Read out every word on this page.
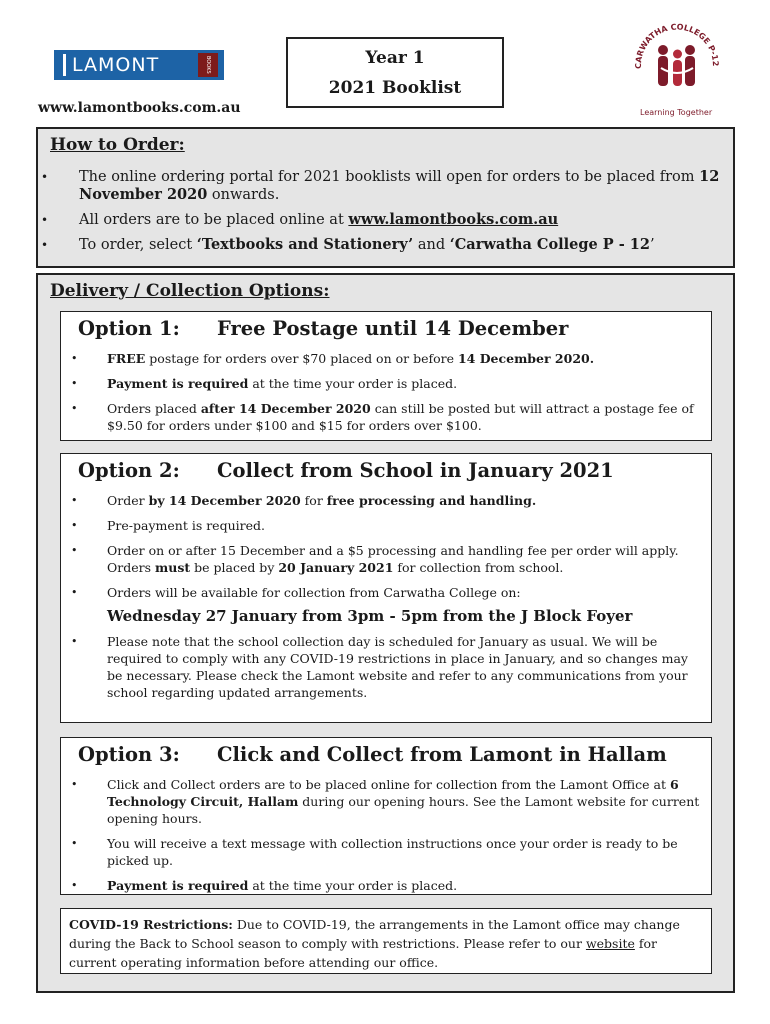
LAMONT	BOOKS
www.lamontbooks.com.au
Year 1
2021 Booklist
CARWATHA COLLEGE P-12
Learning Together
How to Order:
• The online ordering portal for 2021 booklists will open for orders to be placed from 12 November 2020 onwards.
• All orders are to be placed online at www.lamontbooks.com.au
• To order, select ‘Textbooks and Stationery’ and ‘Carwatha College P - 12’
Delivery / Collection Options:
Option 1: Free Postage until 14 December
• FREE postage for orders over $70 placed on or before 14 December 2020.
• Payment is required at the time your order is placed.
• Orders placed after 14 December 2020 can still be posted but will attract a postage fee of $9.50 for orders under $100 and $15 for orders over $100.
Option 2: Collect from School in January 2021
• Order by 14 December 2020 for free processing and handling.
• Pre-payment is required.
• Order on or after 15 December and a $5 processing and handling fee per order will apply. Orders must be placed by 20 January 2021 for collection from school.
• Orders will be available for collection from Carwatha College on:
Wednesday 27 January from 3pm - 5pm from the J Block Foyer
• Please note that the school collection day is scheduled for January as usual. We will be required to comply with any COVID-19 restrictions in place in January, and so changes may be necessary. Please check the Lamont website and refer to any communications from your school regarding updated arrangements.
Option 3: Click and Collect from Lamont in Hallam
• Click and Collect orders are to be placed online for collection from the Lamont Office at 6 Technology Circuit, Hallam during our opening hours. See the Lamont website for current opening hours.
• You will receive a text message with collection instructions once your order is ready to be picked up.
• Payment is required at the time your order is placed.
COVID-19 Restrictions: Due to COVID-19, the arrangements in the Lamont office may change during the Back to School season to comply with restrictions. Please refer to our website for current operating information before attending our office.
